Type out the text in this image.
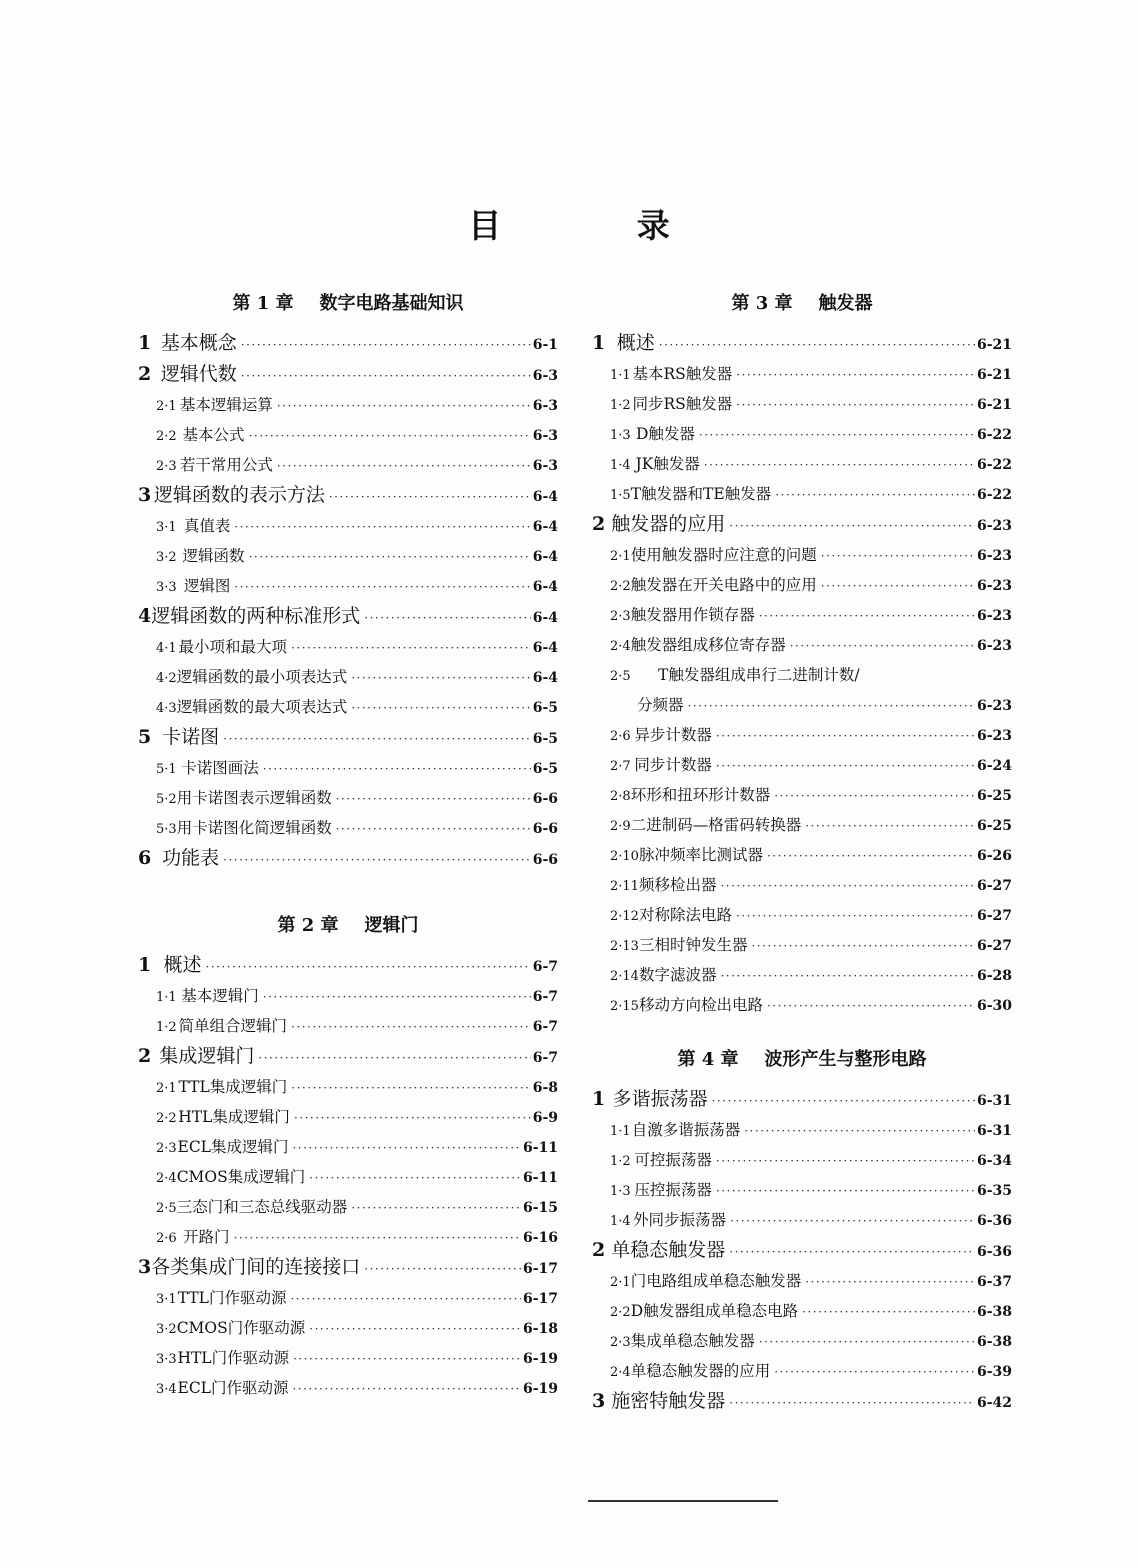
目 录
第 1 章 数字电路基础知识
1 基本概念 ·····	6-1
2 逻辑代数 ·····	6-3
2·1 基本逻辑运算 ·····	6-3
2·2 基本公式 ·····	6-3
2·3 若干常用公式 ·····	6-3
3 逻辑函数的表示方法 ·····	6-4
3·1 真值表 ·····	6-4
3·2 逻辑函数 ·····	6-4
3·3 逻辑图 ·····	6-4
4 逻辑函数的两种标准形式 ·····	6-4
4·1 最小项和最大项 ·····	6-4
4·2 逻辑函数的最小项表达式 ·····	6-4
4·3 逻辑函数的最大项表达式 ·····	6-5
5 卡诺图 ·····	6-5
5·1 卡诺图画法 ·····	6-5
5·2 用卡诺图表示逻辑函数 ·····	6-6
5·3 用卡诺图化简逻辑函数 ·····	6-6
6 功能表 ·····	6-6
第 2 章 逻辑门
1 概述 ·····	6-7
1·1 基本逻辑门 ·····	6-7
1·2 简单组合逻辑门 ·····	6-7
2 集成逻辑门 ·····	6-7
2·1 TTL集成逻辑门 ·····	6-8
2·2 HTL集成逻辑门 ·····	6-9
2·3 ECL集成逻辑门 ·····	6-11
2·4 CMOS集成逻辑门 ·····	6-11
2·5 三态门和三态总线驱动器 ·····	6-15
2·6 开路门 ·····	6-16
3 各类集成门间的连接接口 ·····	6-17
3·1 TTL门作驱动源 ·····	6-17
3·2 CMOS门作驱动源 ·····	6-18
3·3 HTL门作驱动源 ·····	6-19
3·4 ECL门作驱动源 ·····	6-19
第 3 章 触发器
1 概述 ·····	6-21
1·1 基本RS触发器 ·····	6-21
1·2 同步RS触发器 ·····	6-21
1·3 D触发器 ·····	6-22
1·4 JK触发器 ·····	6-22
1·5 T触发器和TE触发器 ·····	6-22
2 触发器的应用 ·····	6-23
2·1 使用触发器时应注意的问题 ·····	6-23
2·2 触发器在开关电路中的应用 ·····	6-23
2·3 触发器用作锁存器 ·····	6-23
2·4 触发器组成移位寄存器 ·····	6-23
2·5	T触发器组成串行二进制计数/
分频器 ·····	6-23
2·6 异步计数器 ·····	6-23
2·7 同步计数器 ·····	6-24
2·8 环形和扭环形计数器 ·····	6-25
2·9 二进制码—格雷码转换器 ·····	6-25
2·10 脉冲频率比测试器 ·····	6-26
2·11 频移检出器 ·····	6-27
2·12 对称除法电路 ·····	6-27
2·13 三相时钟发生器 ·····	6-27
2·14 数字滤波器 ·····	6-28
2·15 移动方向检出电路 ·····	6-30
第 4 章 波形产生与整形电路
1 多谐振荡器 ·····	6-31
1·1 自激多谐振荡器 ·····	6-31
1·2 可控振荡器 ·····	6-34
1·3 压控振荡器 ·····	6-35
1·4 外同步振荡器 ·····	6-36
2 单稳态触发器 ·····	6-36
2·1 门电路组成单稳态触发器 ·····	6-37
2·2 D触发器组成单稳态电路 ·····	6-38
2·3 集成单稳态触发器 ·····	6-38
2·4 单稳态触发器的应用 ·····	6-39
3 施密特触发器 ·····	6-42
